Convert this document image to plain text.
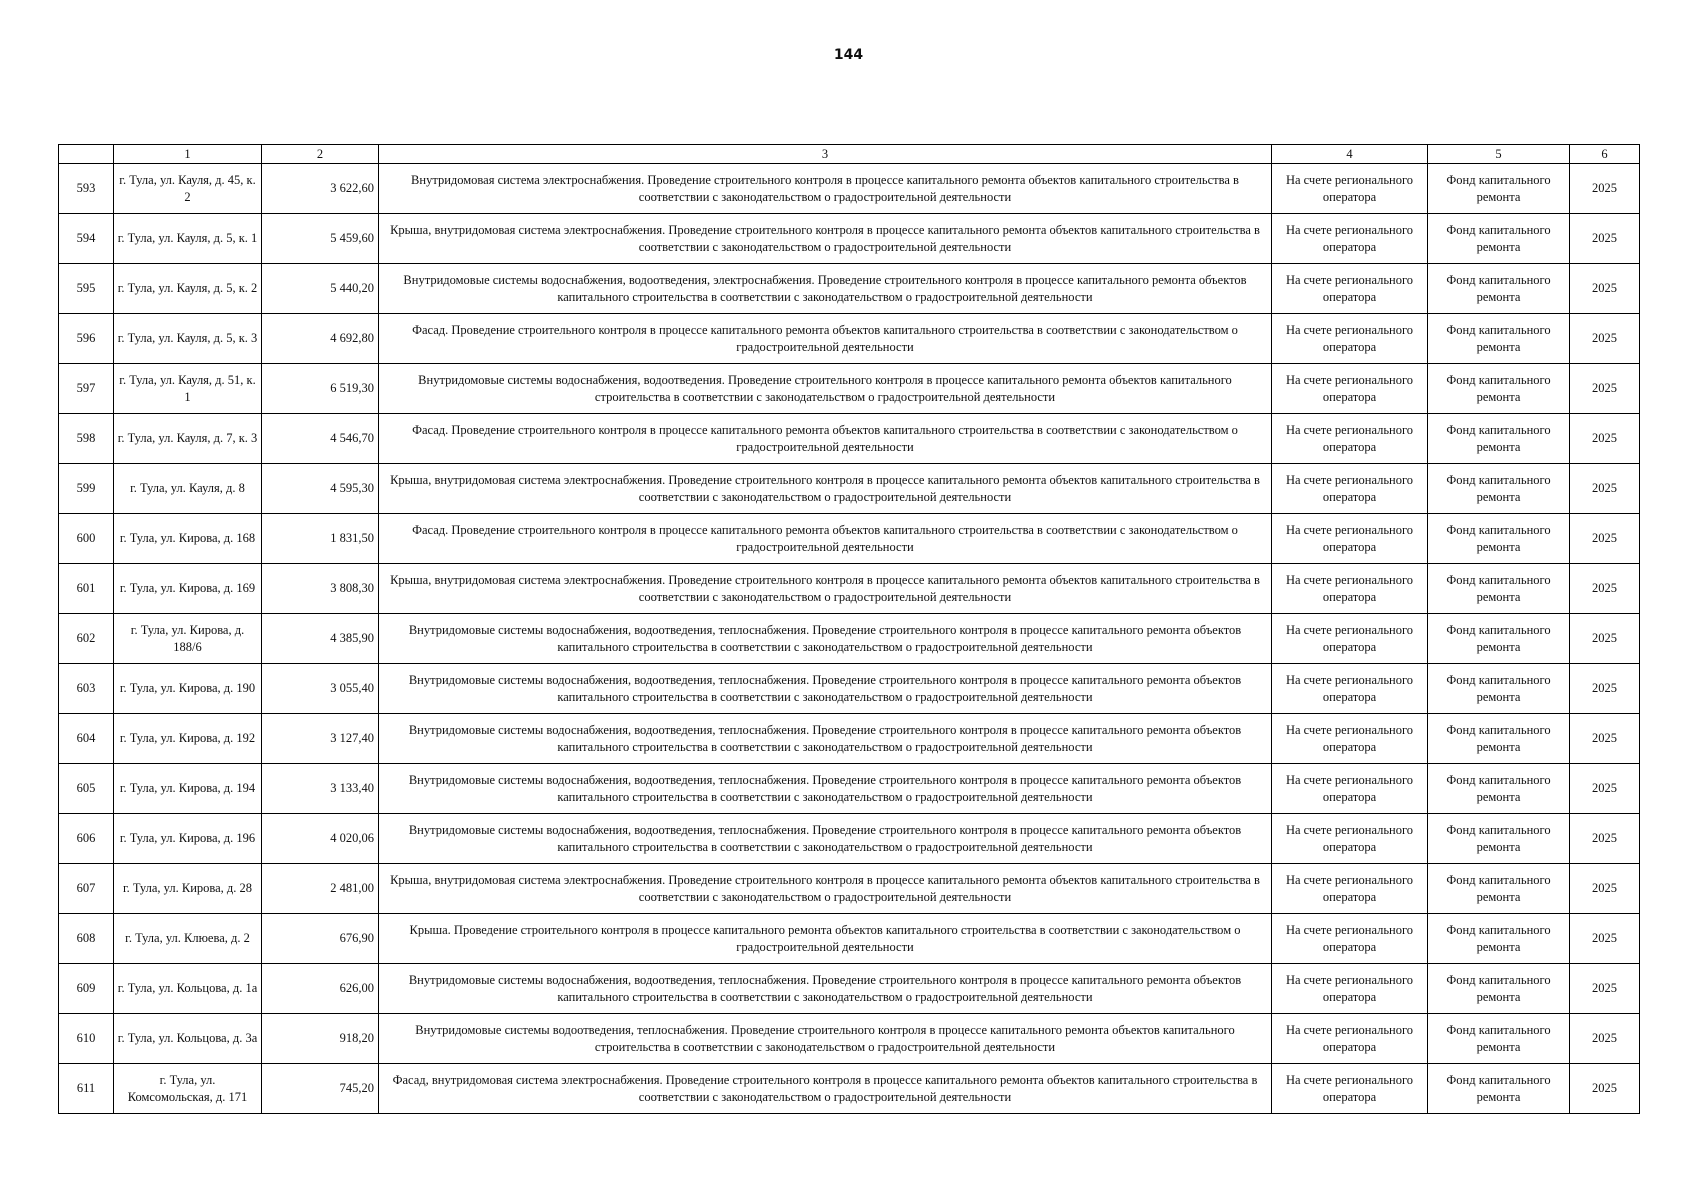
144
	1	2	3	4	5	6
593	г. Тула, ул. Кауля, д. 45, к. 2	3 622,60	Внутридомовая система электроснабжения. Проведение строительного контроля в процессе капитального ремонта объектов капитального строительства в соответствии с законодательством о градостроительной деятельности	На счете регионального оператора	Фонд капитального ремонта	2025
594	г. Тула, ул. Кауля, д. 5, к. 1	5 459,60	Крыша, внутридомовая система электроснабжения. Проведение строительного контроля в процессе капитального ремонта объектов капитального строительства в соответствии с законодательством о градостроительной деятельности	На счете регионального оператора	Фонд капитального ремонта	2025
595	г. Тула, ул. Кауля, д. 5, к. 2	5 440,20	Внутридомовые системы водоснабжения, водоотведения, электроснабжения. Проведение строительного контроля в процессе капитального ремонта объектов капитального строительства в соответствии с законодательством о градостроительной деятельности	На счете регионального оператора	Фонд капитального ремонта	2025
596	г. Тула, ул. Кауля, д. 5, к. 3	4 692,80	Фасад. Проведение строительного контроля в процессе капитального ремонта объектов капитального строительства в соответствии с законодательством о градостроительной деятельности	На счете регионального оператора	Фонд капитального ремонта	2025
597	г. Тула, ул. Кауля, д. 51, к. 1	6 519,30	Внутридомовые системы водоснабжения, водоотведения. Проведение строительного контроля в процессе капитального ремонта объектов капитального строительства в соответствии с законодательством о градостроительной деятельности	На счете регионального оператора	Фонд капитального ремонта	2025
598	г. Тула, ул. Кауля, д. 7, к. 3	4 546,70	Фасад. Проведение строительного контроля в процессе капитального ремонта объектов капитального строительства в соответствии с законодательством о градостроительной деятельности	На счете регионального оператора	Фонд капитального ремонта	2025
599	г. Тула, ул. Кауля, д. 8	4 595,30	Крыша, внутридомовая система электроснабжения. Проведение строительного контроля в процессе капитального ремонта объектов капитального строительства в соответствии с законодательством о градостроительной деятельности	На счете регионального оператора	Фонд капитального ремонта	2025
600	г. Тула, ул. Кирова, д. 168	1 831,50	Фасад. Проведение строительного контроля в процессе капитального ремонта объектов капитального строительства в соответствии с законодательством о градостроительной деятельности	На счете регионального оператора	Фонд капитального ремонта	2025
601	г. Тула, ул. Кирова, д. 169	3 808,30	Крыша, внутридомовая система электроснабжения. Проведение строительного контроля в процессе капитального ремонта объектов капитального строительства в соответствии с законодательством о градостроительной деятельности	На счете регионального оператора	Фонд капитального ремонта	2025
602	г. Тула, ул. Кирова, д. 188/6	4 385,90	Внутридомовые системы водоснабжения, водоотведения, теплоснабжения. Проведение строительного контроля в процессе капитального ремонта объектов капитального строительства в соответствии с законодательством о градостроительной деятельности	На счете регионального оператора	Фонд капитального ремонта	2025
603	г. Тула, ул. Кирова, д. 190	3 055,40	Внутридомовые системы водоснабжения, водоотведения, теплоснабжения. Проведение строительного контроля в процессе капитального ремонта объектов капитального строительства в соответствии с законодательством о градостроительной деятельности	На счете регионального оператора	Фонд капитального ремонта	2025
604	г. Тула, ул. Кирова, д. 192	3 127,40	Внутридомовые системы водоснабжения, водоотведения, теплоснабжения. Проведение строительного контроля в процессе капитального ремонта объектов капитального строительства в соответствии с законодательством о градостроительной деятельности	На счете регионального оператора	Фонд капитального ремонта	2025
605	г. Тула, ул. Кирова, д. 194	3 133,40	Внутридомовые системы водоснабжения, водоотведения, теплоснабжения. Проведение строительного контроля в процессе капитального ремонта объектов капитального строительства в соответствии с законодательством о градостроительной деятельности	На счете регионального оператора	Фонд капитального ремонта	2025
606	г. Тула, ул. Кирова, д. 196	4 020,06	Внутридомовые системы водоснабжения, водоотведения, теплоснабжения. Проведение строительного контроля в процессе капитального ремонта объектов капитального строительства в соответствии с законодательством о градостроительной деятельности	На счете регионального оператора	Фонд капитального ремонта	2025
607	г. Тула, ул. Кирова, д. 28	2 481,00	Крыша, внутридомовая система электроснабжения. Проведение строительного контроля в процессе капитального ремонта объектов капитального строительства в соответствии с законодательством о градостроительной деятельности	На счете регионального оператора	Фонд капитального ремонта	2025
608	г. Тула, ул. Клюева, д. 2	676,90	Крыша. Проведение строительного контроля в процессе капитального ремонта объектов капитального строительства в соответствии с законодательством о градостроительной деятельности	На счете регионального оператора	Фонд капитального ремонта	2025
609	г. Тула, ул. Кольцова, д. 1а	626,00	Внутридомовые системы водоснабжения, водоотведения, теплоснабжения. Проведение строительного контроля в процессе капитального ремонта объектов капитального строительства в соответствии с законодательством о градостроительной деятельности	На счете регионального оператора	Фонд капитального ремонта	2025
610	г. Тула, ул. Кольцова, д. 3а	918,20	Внутридомовые системы водоотведения, теплоснабжения. Проведение строительного контроля в процессе капитального ремонта объектов капитального строительства в соответствии с законодательством о градостроительной деятельности	На счете регионального оператора	Фонд капитального ремонта	2025
611	г. Тула, ул. Комсомольская, д. 171	745,20	Фасад, внутридомовая система электроснабжения. Проведение строительного контроля в процессе капитального ремонта объектов капитального строительства в соответствии с законодательством о градостроительной деятельности	На счете регионального оператора	Фонд капитального ремонта	2025
